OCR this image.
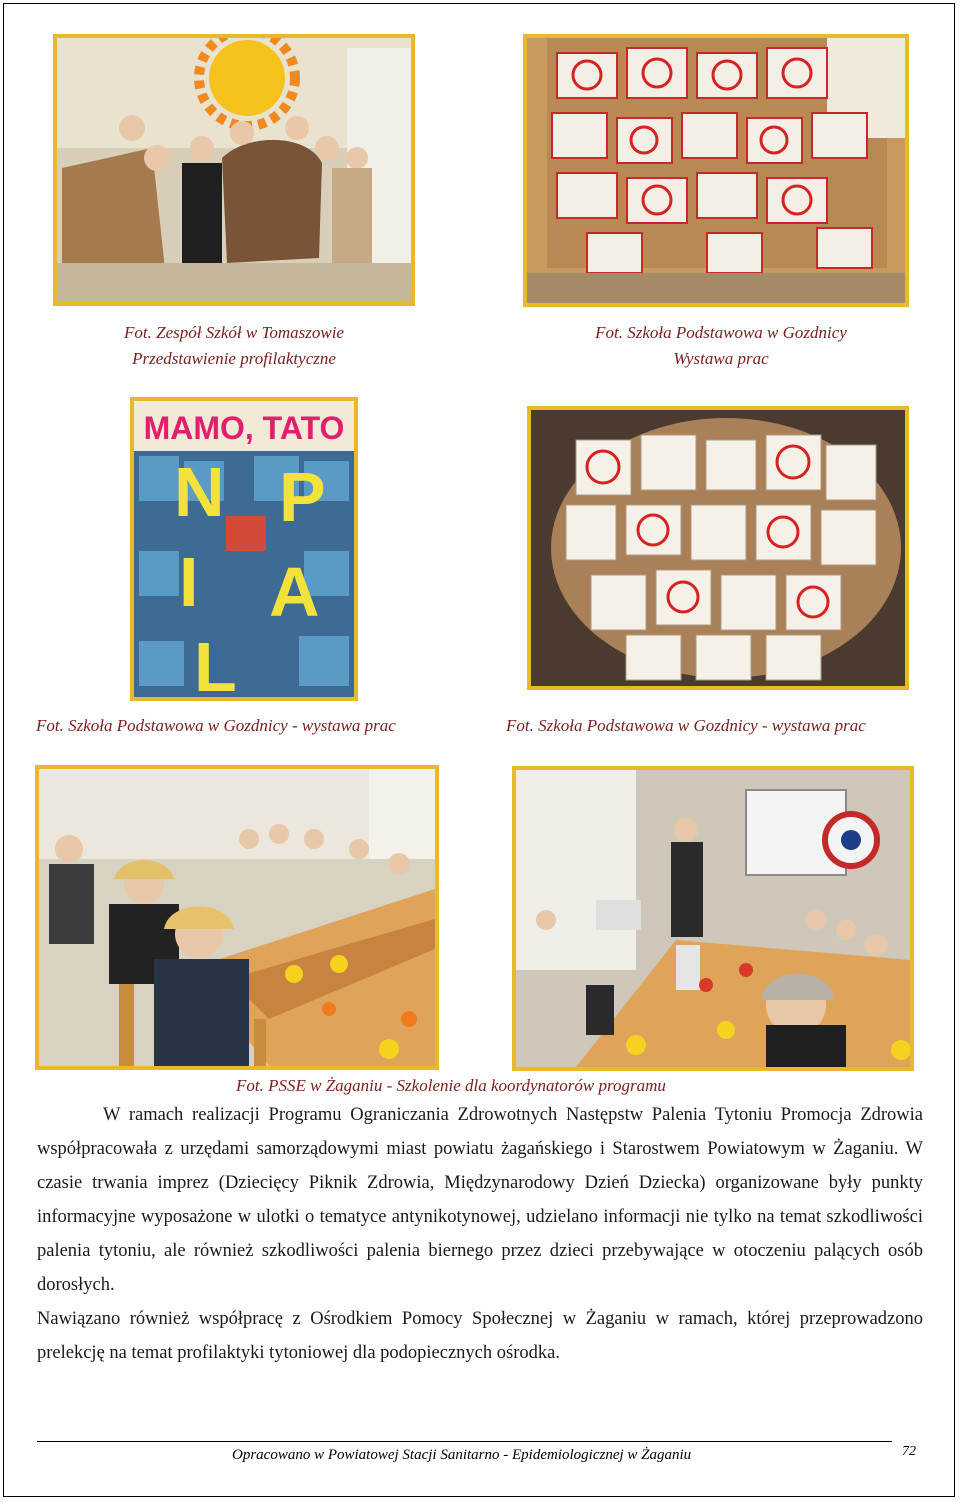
Fot. Zespół Szkół w Tomaszowie
Przedstawienie profilaktyczne
Fot. Szkoła Podstawowa w Gozdnicy
Wystawa prac
MAMO, TATO
N P
I A
L
Fot. Szkoła Podstawowa w Gozdnicy - wystawa prac	Fot. Szkoła Podstawowa w Gozdnicy - wystawa prac
Fot. PSSE w Żaganiu - Szkolenie dla koordynatorów programu

W ramach realizacji Programu Ograniczania Zdrowotnych Następstw Palenia Tytoniu Promocja Zdrowia współpracowała z urzędami samorządowymi miast powiatu żagańskiego i Starostwem Powiatowym w Żaganiu. W czasie trwania imprez (Dziecięcy Piknik Zdrowia, Międzynarodowy Dzień Dziecka) organizowane były punkty informacyjne wyposażone w ulotki o tematyce antynikotynowej, udzielano informacji nie tylko na temat szkodliwości palenia tytoniu, ale również szkodliwości palenia biernego przez dzieci przebywające w otoczeniu palących osób dorosłych.

Nawiązano również współpracę z Ośrodkiem Pomocy Społecznej w Żaganiu w ramach, której przeprowadzono prelekcję na temat profilaktyki tytoniowej dla podopiecznych ośrodka.

Opracowano w Powiatowej Stacji Sanitarno - Epidemiologicznej w Żaganiu	72
